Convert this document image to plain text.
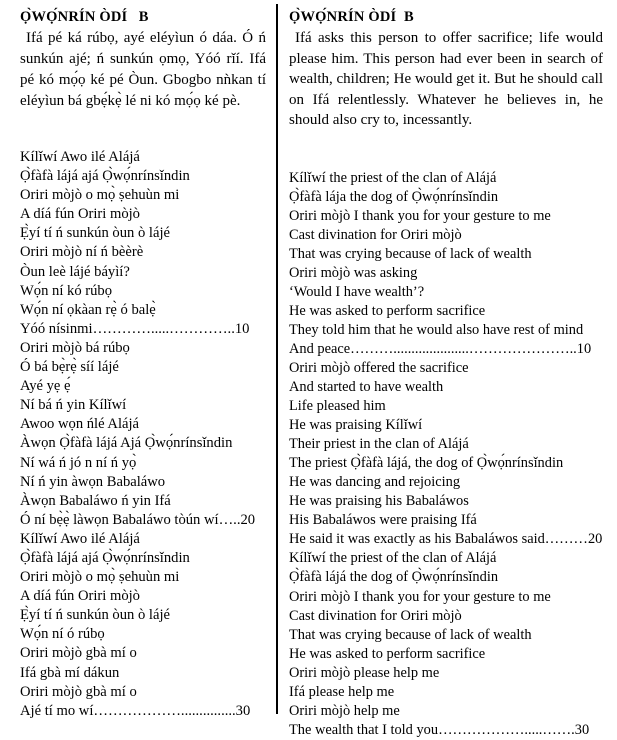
Ọ̀WỌ́NRÍN ÒDÍ   B

Ifá pé ká rúbọ, ayé eléyìun ó dáa. Ó ń sunkún ajé; ń sunkún ọmọ, Yóó rǐí. Ifá pé kó mọ́ọ ké pé Òun. Gbogbo nǹkan tí eléyìun bá gbẹ́kẹ̀ lé ni kó mọ́ọ ké pè.

Kílǐwí Awo ilé Alájá
Ọ̀fàfà lájá ajá Ọ̀wọ́nrínsǐndin
Oriri mòjò o mọ̀ ṣehuùn mi
A díá fún Oriri mòjò
Ẹ̀yí tí ń sunkún òun ò lájé
Oriri mòjò ní ń bèèrè
Òun leè lájé báyìí?
Wọ́n ní kó rúbọ
Wọ́n ní ọkàan rẹ̀ ó balẹ̀
Yóó nísinmi………….....…………..10
Oriri mòjò bá rúbọ
Ó bá bẹ̀rẹ̀ síí lájé
Ayé yẹ ẹ́
Ní bá ń yin Kílǐwí
Awoo wọn ńlé Alájá
Àwọn Ọ̀fàfà lájá Ajá Ọ̀wọ́nrínsǐndin
Ní wá ń jó n ní ń yọ̀
Ní ń yin àwọn Babaláwo
Àwọn Babaláwo ń yin Ifá
Ó ní bẹ̀ẹ̀ làwọn Babaláwo tòún wí…..20
Kílǐwí Awo ilé Alájá
Ọ̀fàfà lájá ajá Ọ̀wọ́nrínsǐndin
Oriri mòjò o mọ̀ ṣehuùn mi
A díá fún Oriri mòjò
Ẹ̀yí tí ń sunkún òun ò lájé
Wọ́n ní ó rúbọ
Oriri mòjò gbà mí o
Ifá gbà mí dákun
Oriri mòjò gbà mí o
Ajé tí mo wí………………...............30
Ọ̀WỌ́NRÍN ÒDÍ  B

Ifá asks this person to offer sacrifice; life would please him. This person had ever been in search of wealth, children; He would get it. But he should call on Ifá relentlessly. Whatever he believes in, he should also cry to, incessantly.

Kílǐwí the priest of the clan of Alájá
Ọ̀fàfà lája the dog of Ọ̀wọ́nrínsǐndin
Oriri mòjò I thank you for your gesture to me
Cast divination for Oriri mòjò
That was crying because of lack of wealth
Oriri mòjò was asking
‘Would I have wealth’?
He was asked to perform sacrifice
They told him that he would also have rest of mind
And peace……….....................…………………..10
Oriri mòjò offered the sacrifice
And started to have wealth
Life pleased him
He was praising Kílǐwí
Their priest in the clan of Alájá
The priest Ọ̀fàfà lájá, the dog of Ọ̀wọ́nrínsǐndin
He was dancing and rejoicing
He was praising his Babaláwos
His Babaláwos were praising Ifá
He said it was exactly as his Babaláwos said………20
Kílǐwí the priest of the clan of Alájá
Ọ̀fàfà lájá the dog of Ọ̀wọ́nrínsǐndin
Oriri mòjò I thank you for your gesture to me
Cast divination for Oriri mòjò
That was crying because of lack of wealth
He was asked to perform sacrifice
Oriri mòjò please help me
Ifá please help me
Oriri mòjò help me
The wealth that I told you……………….....…….30
